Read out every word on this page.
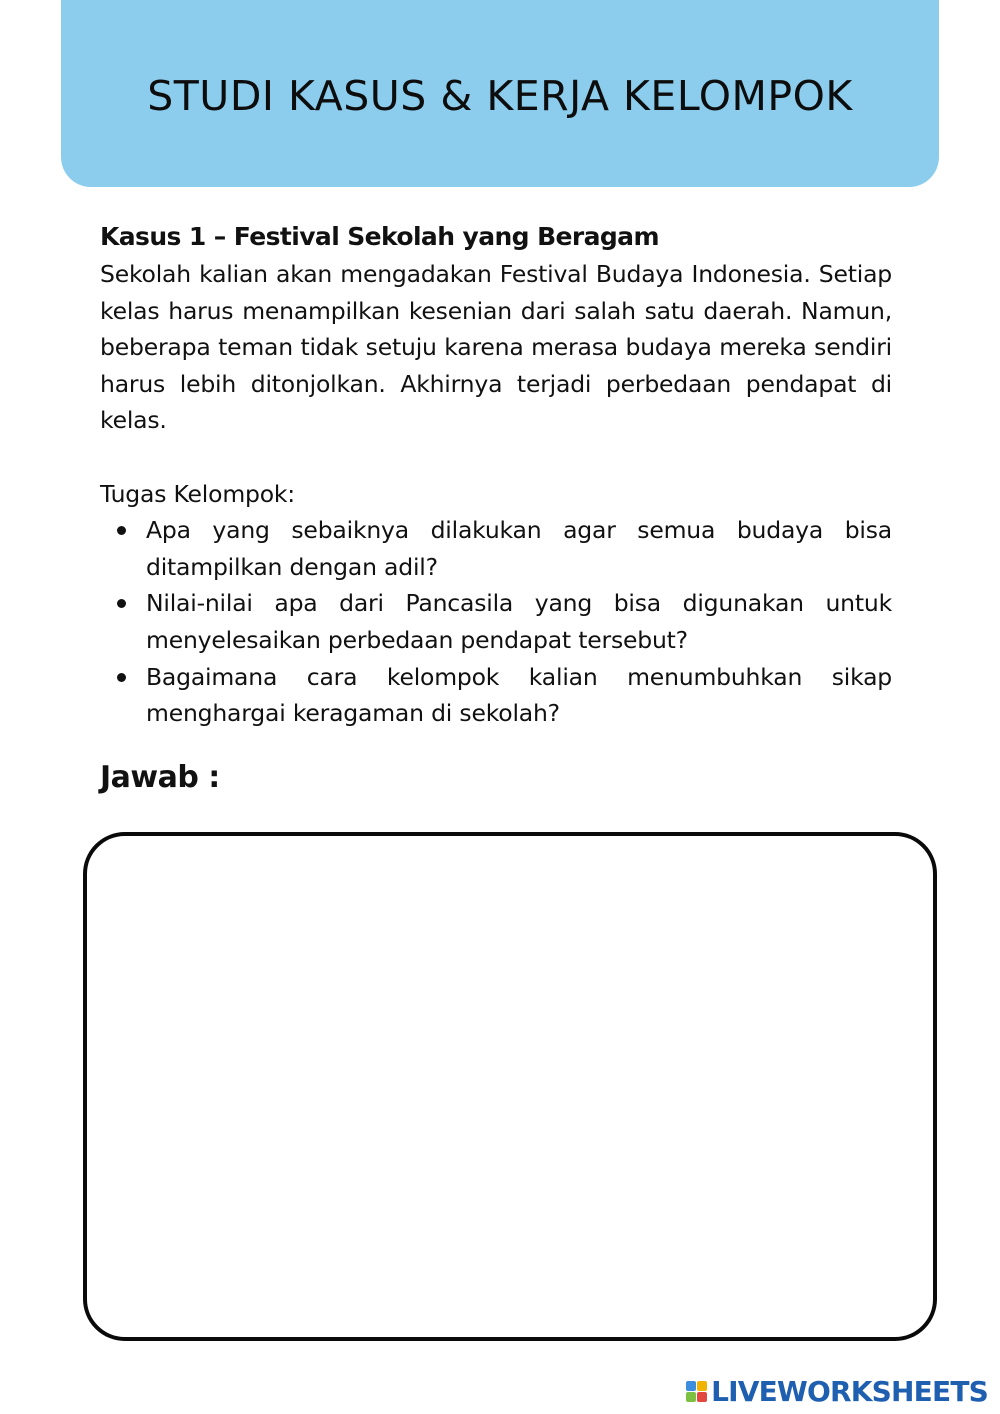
STUDI KASUS & KERJA KELOMPOK
Kasus 1 – Festival Sekolah yang Beragam
Sekolah kalian akan mengadakan Festival Budaya Indonesia. Setiap kelas harus menampilkan kesenian dari salah satu daerah. Namun, beberapa teman tidak setuju karena merasa budaya mereka sendiri harus lebih ditonjolkan. Akhirnya terjadi perbedaan pendapat di kelas.
Tugas Kelompok:
Apa yang sebaiknya dilakukan agar semua budaya bisa ditampilkan dengan adil?
Nilai-nilai apa dari Pancasila yang bisa digunakan untuk menyelesaikan perbedaan pendapat tersebut?
Bagaimana cara kelompok kalian menumbuhkan sikap menghargai keragaman di sekolah?
Jawab :
LIVEWORKSHEETS
